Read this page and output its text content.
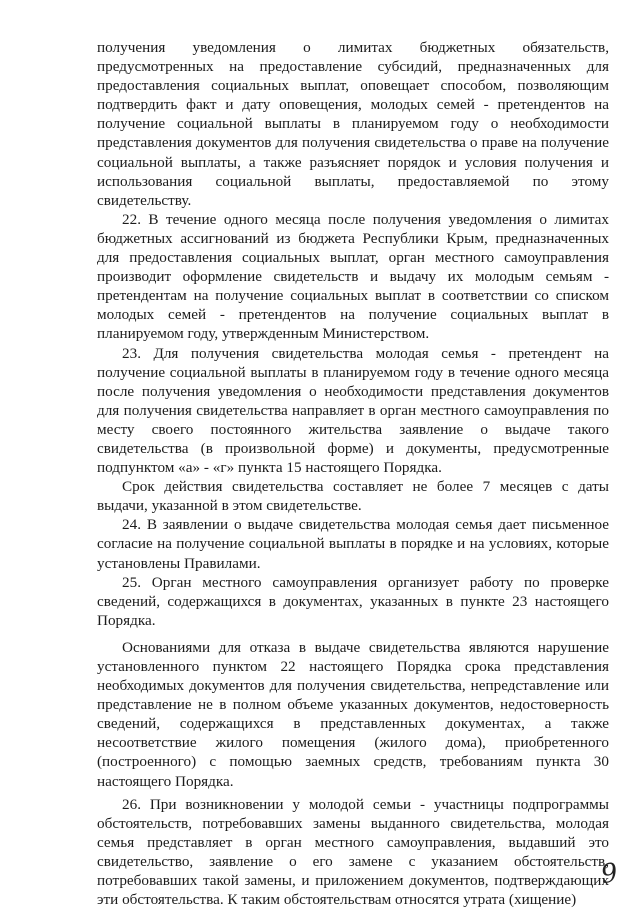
получения уведомления о лимитах бюджетных обязательств, предусмотренных на предоставление субсидий, предназначенных для предоставления социальных выплат, оповещает способом, позволяющим подтвердить факт и дату оповещения, молодых семей - претендентов на получение социальной выплаты в планируемом году о необходимости представления документов для получения свидетельства о праве на получение социальной выплаты, а также разъясняет порядок и условия получения и использования социальной выплаты, предоставляемой по этому свидетельству.

22. В течение одного месяца после получения уведомления о лимитах бюджетных ассигнований из бюджета Республики Крым, предназначенных для предоставления социальных выплат, орган местного самоуправления производит оформление свидетельств и выдачу их молодым семьям - претендентам на получение социальных выплат в соответствии со списком молодых семей - претендентов на получение социальных выплат в планируемом году, утвержденным Министерством.

23. Для получения свидетельства молодая семья - претендент на получение социальной выплаты в планируемом году в течение одного месяца после получения уведомления о необходимости представления документов для получения свидетельства направляет в орган местного самоуправления по месту своего постоянного жительства заявление о выдаче такого свидетельства (в произвольной форме) и документы, предусмотренные подпунктом «а» - «г» пункта 15 настоящего Порядка.

Срок действия свидетельства составляет не более 7 месяцев с даты выдачи, указанной в этом свидетельстве.

24. В заявлении о выдаче свидетельства молодая семья дает письменное согласие на получение социальной выплаты в порядке и на условиях, которые установлены Правилами.

25. Орган местного самоуправления организует работу по проверке сведений, содержащихся в документах, указанных в пункте 23 настоящего Порядка.

Основаниями для отказа в выдаче свидетельства являются нарушение установленного пунктом 22 настоящего Порядка срока представления необходимых документов для получения свидетельства, непредставление или представление не в полном объеме указанных документов, недостоверность сведений, содержащихся в представленных документах, а также несоответствие жилого помещения (жилого дома), приобретенного (построенного) с помощью заемных средств, требованиям пункта 30 настоящего Порядка.

26. При возникновении у молодой семьи - участницы подпрограммы обстоятельств, потребовавших замены выданного свидетельства, молодая семья представляет в орган местного самоуправления, выдавший это свидетельство, заявление о его замене с указанием обстоятельств, потребовавших такой замены, и приложением документов, подтверждающих эти обстоятельства. К таким обстоятельствам относятся утрата (хищение)

9
